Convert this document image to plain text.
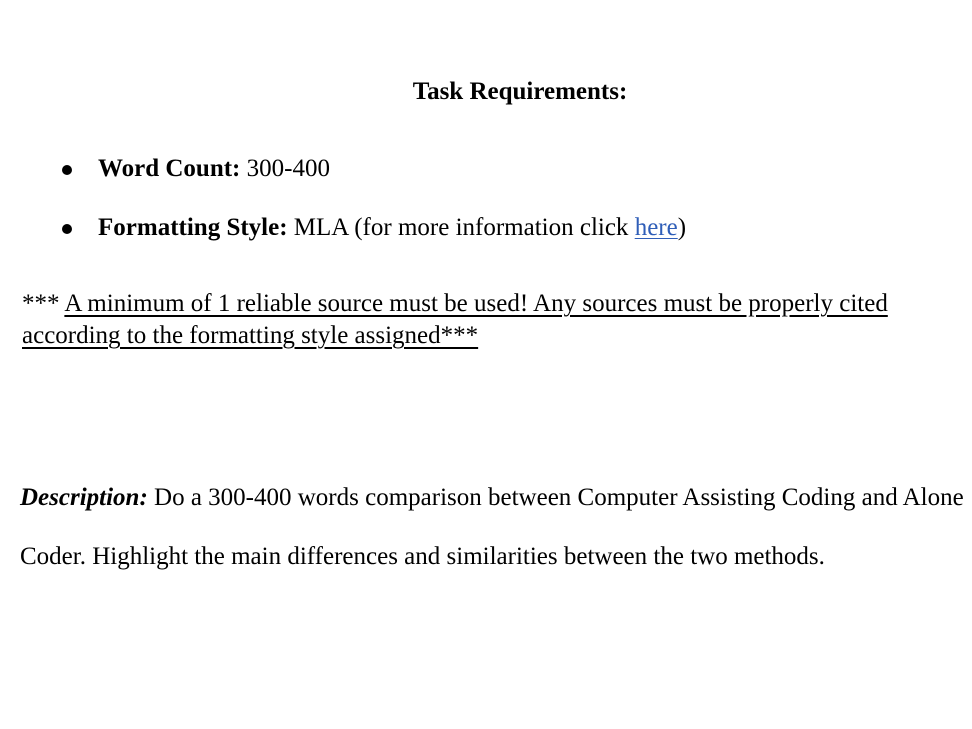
Task Requirements:
Word Count: 300-400
Formatting Style: MLA (for more information click here)
*** A minimum of 1 reliable source must be used! Any sources must be properly cited
according to the formatting style assigned***
Description: Do a 300-400 words comparison between Computer Assisting Coding and Alone
Coder. Highlight the main differences and similarities between the two methods.
